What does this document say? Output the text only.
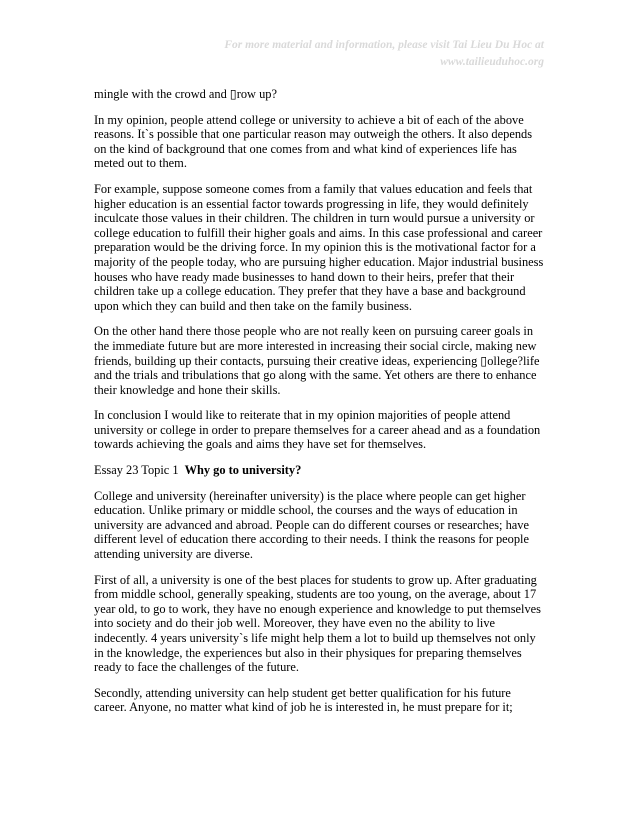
For more material and information, please visit Tai Lieu Du Hoc at
www.tailieuduhoc.org

mingle with the crowd and ▯row up?

In my opinion, people attend college or university to achieve a bit of each of the above reasons. It`s possible that one particular reason may outweigh the others. It also depends on the kind of background that one comes from and what kind of experiences life has meted out to them.

For example, suppose someone comes from a family that values education and feels that higher education is an essential factor towards progressing in life, they would definitely inculcate those values in their children. The children in turn would pursue a university or college education to fulfill their higher goals and aims. In this case professional and career preparation would be the driving force. In my opinion this is the motivational factor for a majority of the people today, who are pursuing higher education. Major industrial business houses who have ready made businesses to hand down to their heirs, prefer that their children take up a college education. They prefer that they have a base and background upon which they can build and then take on the family business.

On the other hand there those people who are not really keen on pursuing career goals in the immediate future but are more interested in increasing their social circle, making new friends, building up their contacts, pursuing their creative ideas, experiencing ▯ollege?life and the trials and tribulations that go along with the same. Yet others are there to enhance their knowledge and hone their skills.

In conclusion I would like to reiterate that in my opinion majorities of people attend university or college in order to prepare themselves for a career ahead and as a foundation towards achieving the goals and aims they have set for themselves.

Essay 23 Topic 1 Why go to university?

College and university (hereinafter university) is the place where people can get higher education. Unlike primary or middle school, the courses and the ways of education in university are advanced and abroad. People can do different courses or researches; have different level of education there according to their needs. I think the reasons for people attending university are diverse.

First of all, a university is one of the best places for students to grow up. After graduating from middle school, generally speaking, students are too young, on the average, about 17 year old, to go to work, they have no enough experience and knowledge to put themselves into society and do their job well. Moreover, they have even no the ability to live indecently. 4 years university`s life might help them a lot to build up themselves not only in the knowledge, the experiences but also in their physiques for preparing themselves ready to face the challenges of the future.

Secondly, attending university can help student get better qualification for his future career. Anyone, no matter what kind of job he is interested in, he must prepare for it;
